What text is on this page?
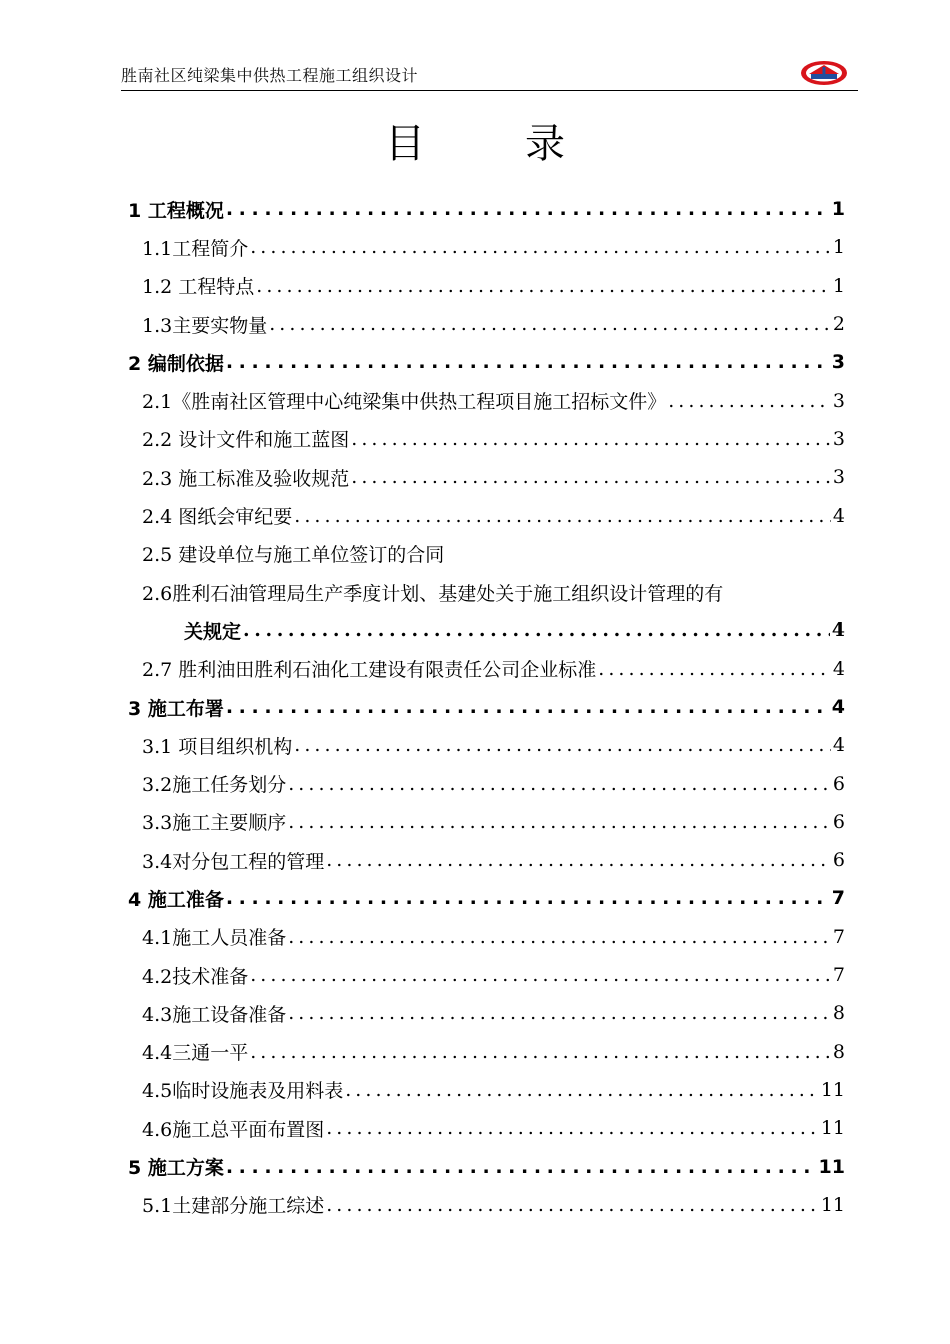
胜南社区纯梁集中供热工程施工组织设计
目	录
1 工程概况 . . .	1
1.1工程简介 . . .	1
1.2 工程特点 . . .	1
1.3主要实物量 . . .	2
2 编制依据 . . .	3
2.1《胜南社区管理中心纯梁集中供热工程项目施工招标文件》 . . .	3
2.2 设计文件和施工蓝图 . . .	3
2.3 施工标准及验收规范 . . .	3
2.4 图纸会审纪要 . . .	4
2.5 建设单位与施工单位签订的合同
2.6胜利石油管理局生产季度计划、基建处关于施工组织设计管理的有
关规定 . . .	4
2.7 胜利油田胜利石油化工建设有限责任公司企业标准 . . .	4
3 施工布署 . . .	4
3.1 项目组织机构 . . .	4
3.2施工任务划分 . . .	6
3.3施工主要顺序 . . .	6
3.4对分包工程的管理 . . .	6
4 施工准备 . . .	7
4.1施工人员准备 . . .	7
4.2技术准备 . . .	7
4.3施工设备准备 . . .	8
4.4三通一平 . . .	8
4.5临时设施表及用料表 . . .	11
4.6施工总平面布置图 . . .	11
5 施工方案 . . .	11
5.1土建部分施工综述 . . .	11
